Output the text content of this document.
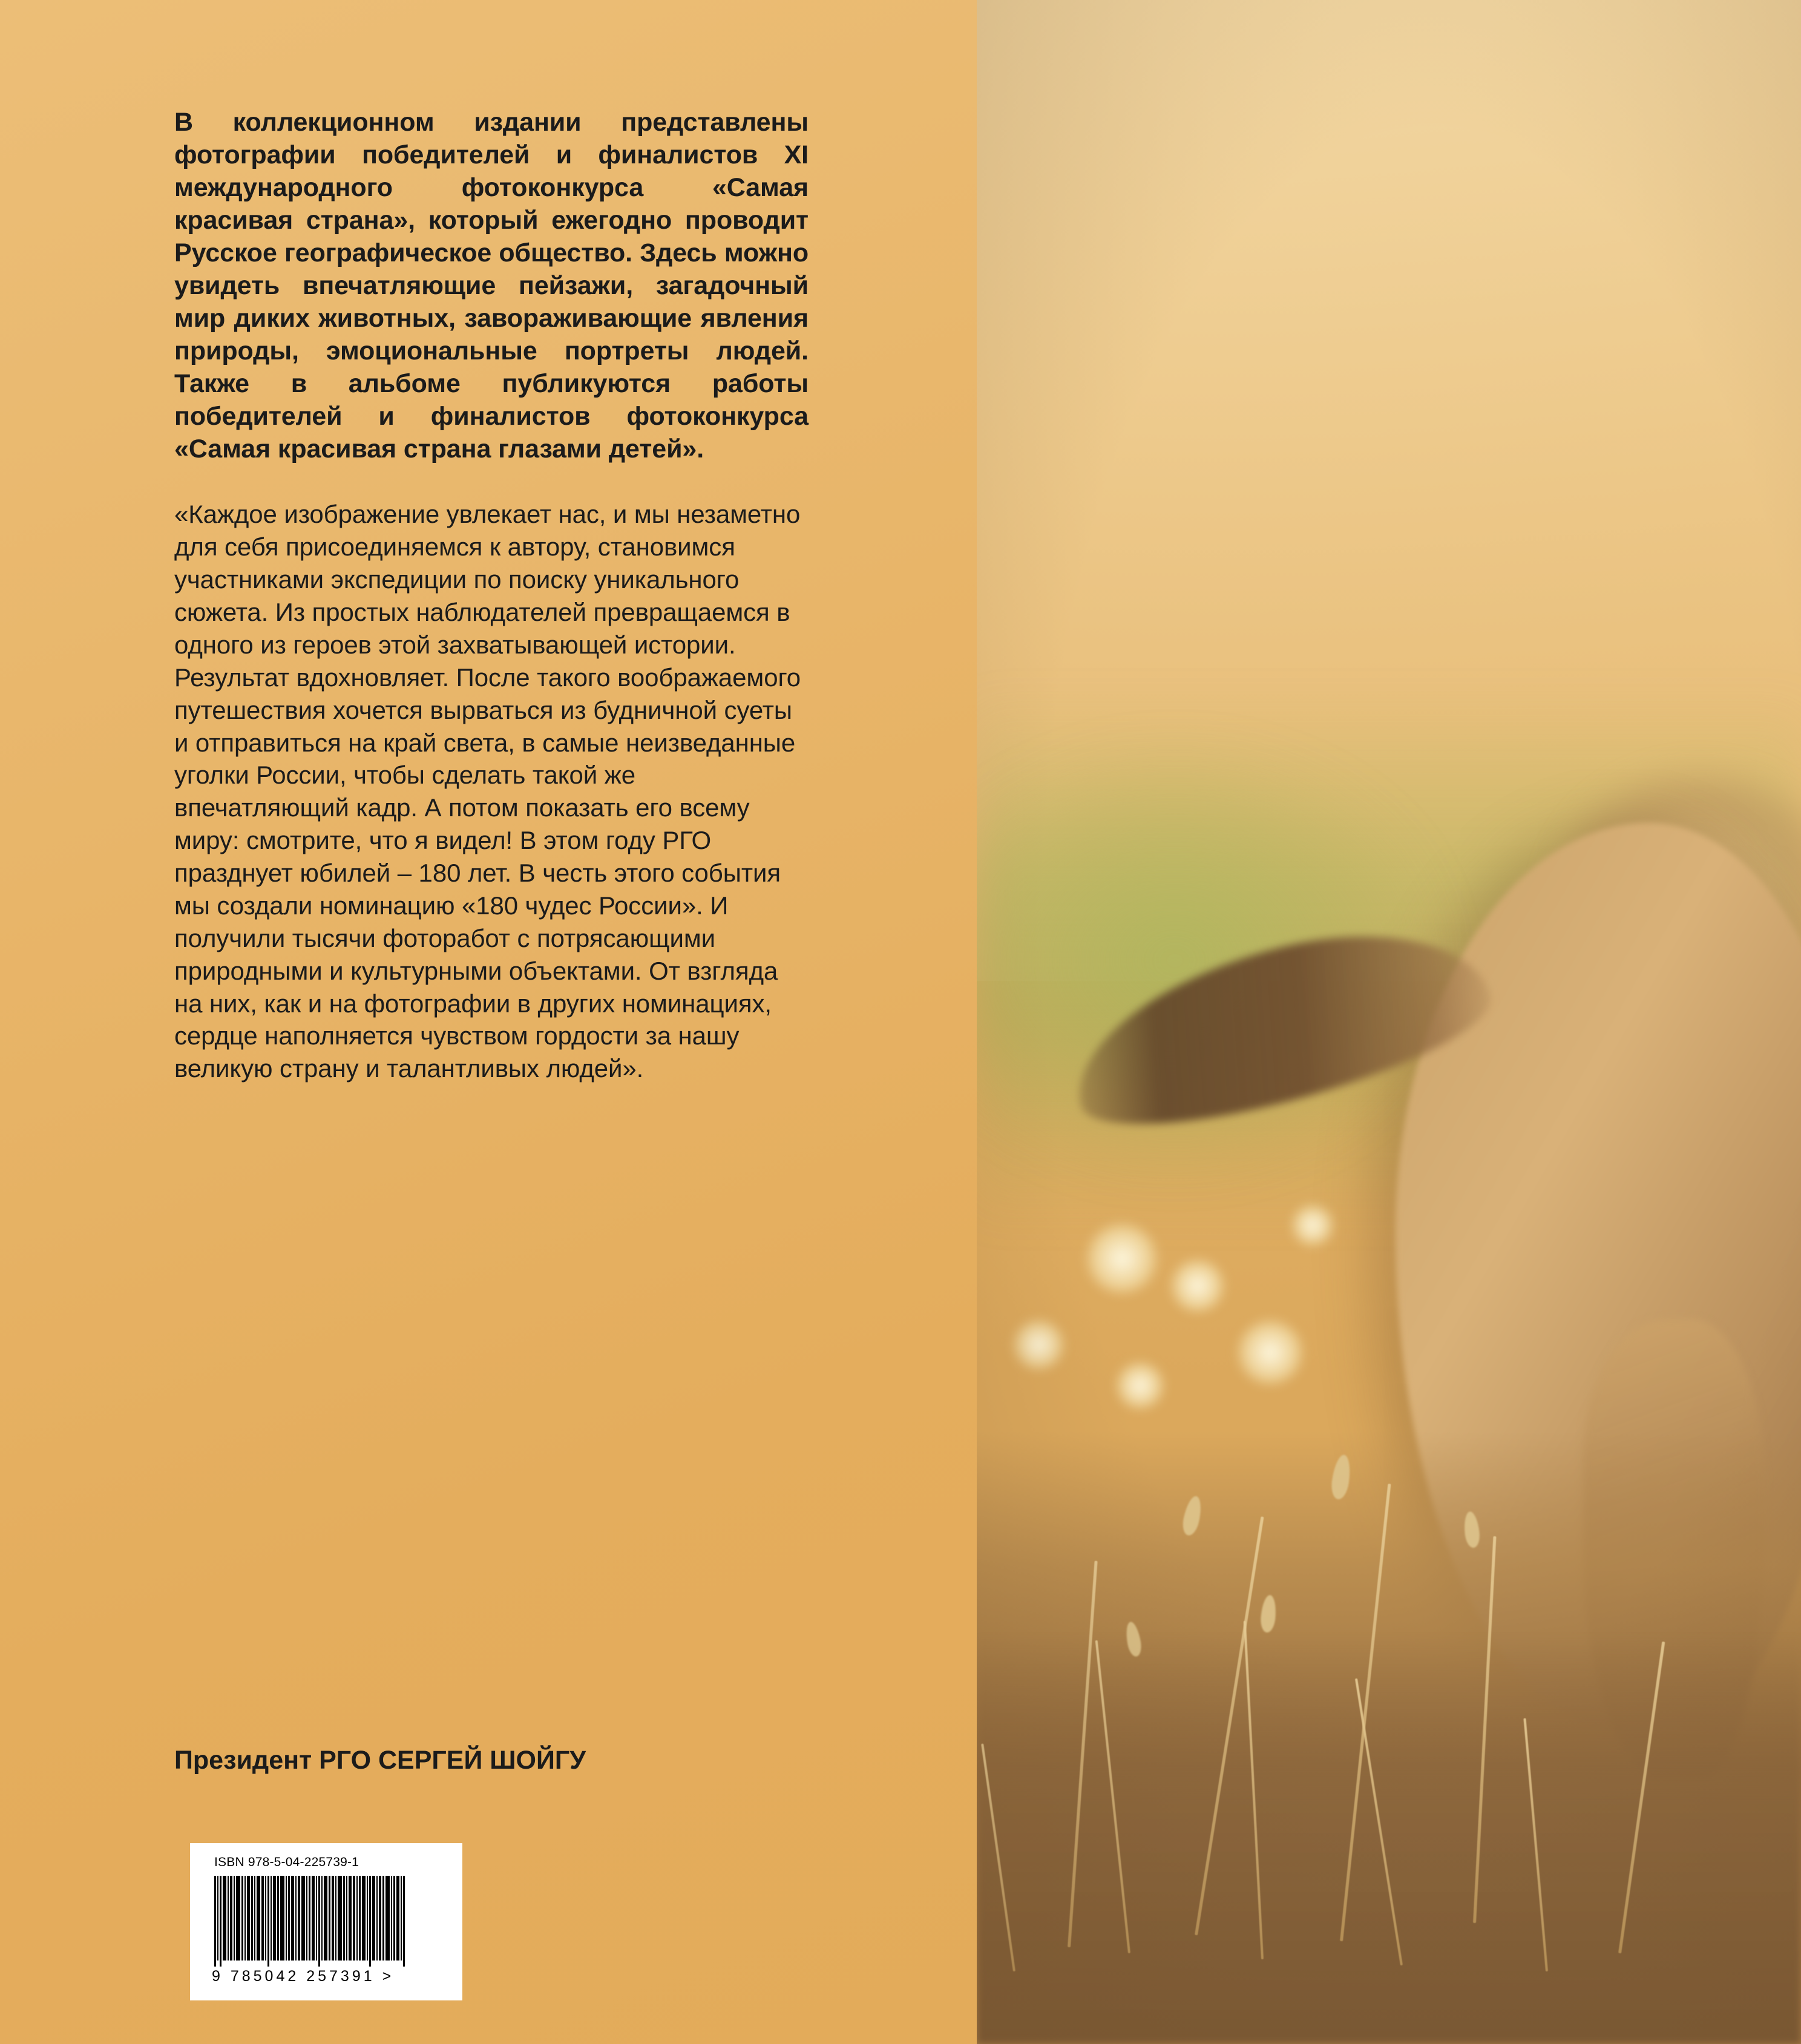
В коллекционном издании представлены фотографии победителей и финалистов XI международного фотоконкурса «Самая красивая страна», который ежегодно проводит Русское географическое общество. Здесь можно увидеть впечатляющие пейзажи, загадочный мир диких животных, завораживающие явления природы, эмоциональные портреты людей. Также в альбоме публикуются работы победителей и финалистов фотоконкурса «Самая красивая страна глазами детей».

«Каждое изображение увлекает нас, и мы незаметно для себя присоединяемся к автору, становимся участниками экспедиции по поиску уникального сюжета. Из простых наблюдателей превращаемся в одного из героев этой захватывающей истории. Результат вдохновляет. После такого воображаемого путешествия хочется вырваться из будничной суеты и отправиться на край света, в самые неизведанные уголки России, чтобы сделать такой же впечатляющий кадр. А потом показать его всему миру: смотрите, что я видел! В этом году РГО празднует юбилей – 180 лет. В честь этого события мы создали номинацию «180 чудес России». И получили тысячи фоторабот с потрясающими природными и культурными объектами. От взгляда на них, как и на фотографии в других номинациях, сердце наполняется чувством гордости за нашу великую страну и талантливых людей».

Президент РГО СЕРГЕЙ ШОЙГУ
ISBN 978-5-04-225739-1
9 785042 257391 >
